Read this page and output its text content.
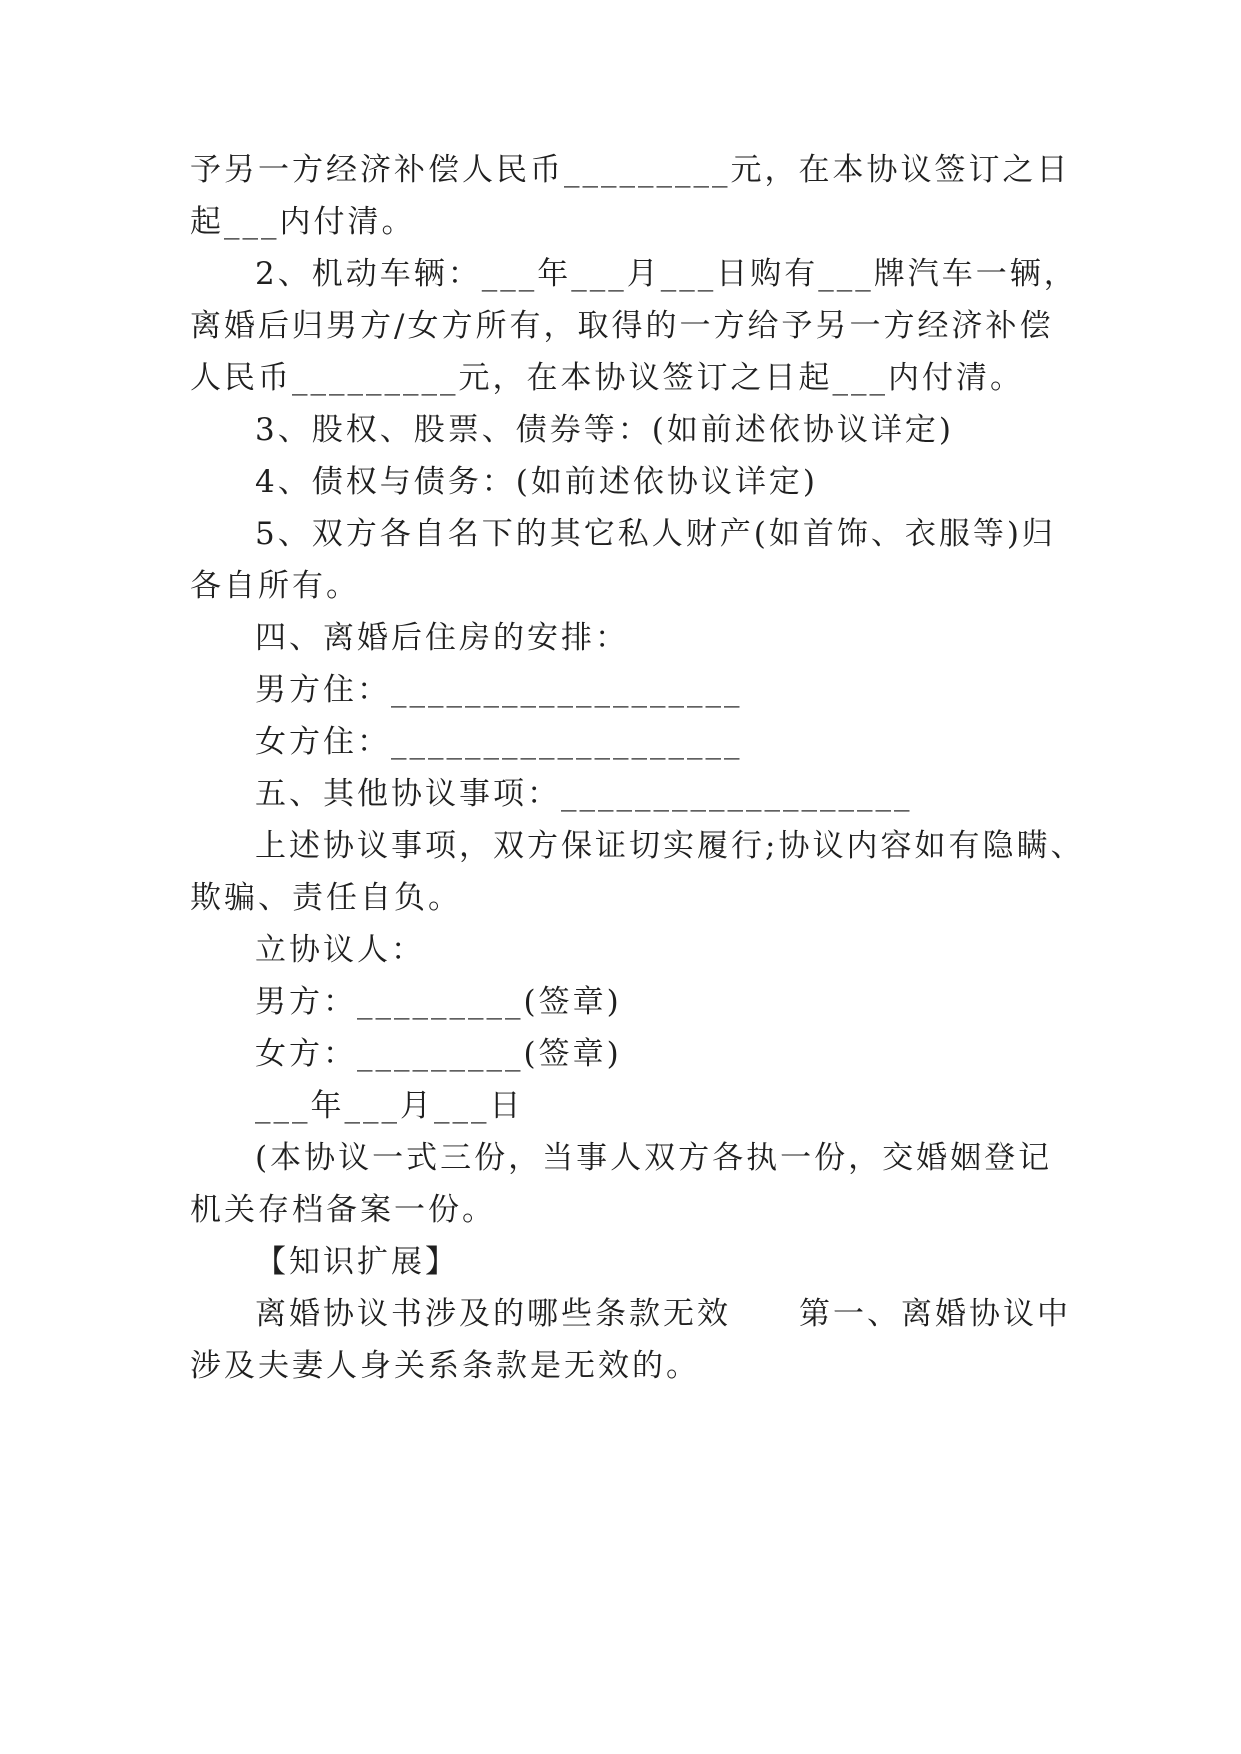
予另一方经济补偿人民币_________元，在本协议签订之日
起___内付清。
2、机动车辆：___年___月___日购有___牌汽车一辆，
离婚后归男方/女方所有，取得的一方给予另一方经济补偿
人民币_________元，在本协议签订之日起___内付清。
3、股权、股票、债券等：(如前述依协议详定)
4、债权与债务：(如前述依协议详定)
5、双方各自名下的其它私人财产(如首饰、衣服等)归
各自所有。
四、离婚后住房的安排：
男方住：___________________
女方住：___________________
五、其他协议事项：___________________
上述协议事项，双方保证切实履行;协议内容如有隐瞒、
欺骗、责任自负。
立协议人：
男方：_________(签章)
女方：_________(签章)
___年___月___日
(本协议一式三份，当事人双方各执一份，交婚姻登记
机关存档备案一份。
【知识扩展】
离婚协议书涉及的哪些条款无效　　第一、离婚协议中
涉及夫妻人身关系条款是无效的。
